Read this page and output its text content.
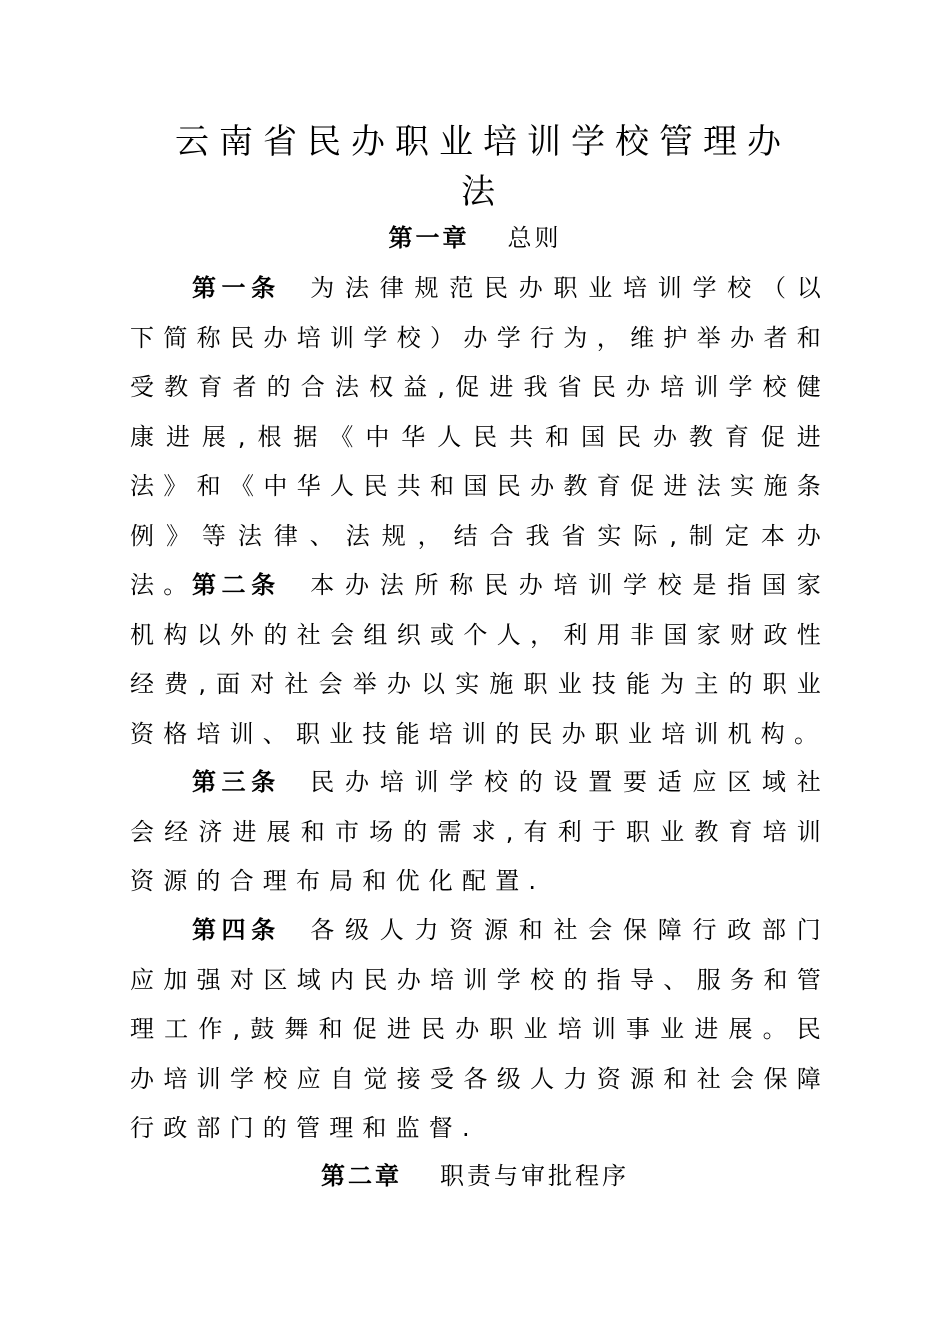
云南省民办职业培训学校管理办
法
第一章 总则
第一条 为法律规范民办职业培训学校（以下简称民办培训学校）办学行为，维护举办者和受教育者的合法权益,促进我省民办培训学校健康进展,根据《中华人民共和国民办教育促进法》和《中华人民共和国民办教育促进法实施条例》等法律、法规，结合我省实际,制定本办法。
第二条 本办法所称民办培训学校是指国家机构以外的社会组织或个人，利用非国家财政性经费,面对社会举办以实施职业技能为主的职业资格培训、职业技能培训的民办职业培训机构。
第三条 民办培训学校的设置要适应区域社会经济进展和市场的需求,有利于职业教育培训资源的合理布局和优化配置.
第四条 各级人力资源和社会保障行政部门应加强对区域内民办培训学校的指导、服务和管理工作,鼓舞和促进民办职业培训事业进展。民办培训学校应自觉接受各级人力资源和社会保障行政部门的管理和监督.
第二章 职责与审批程序
